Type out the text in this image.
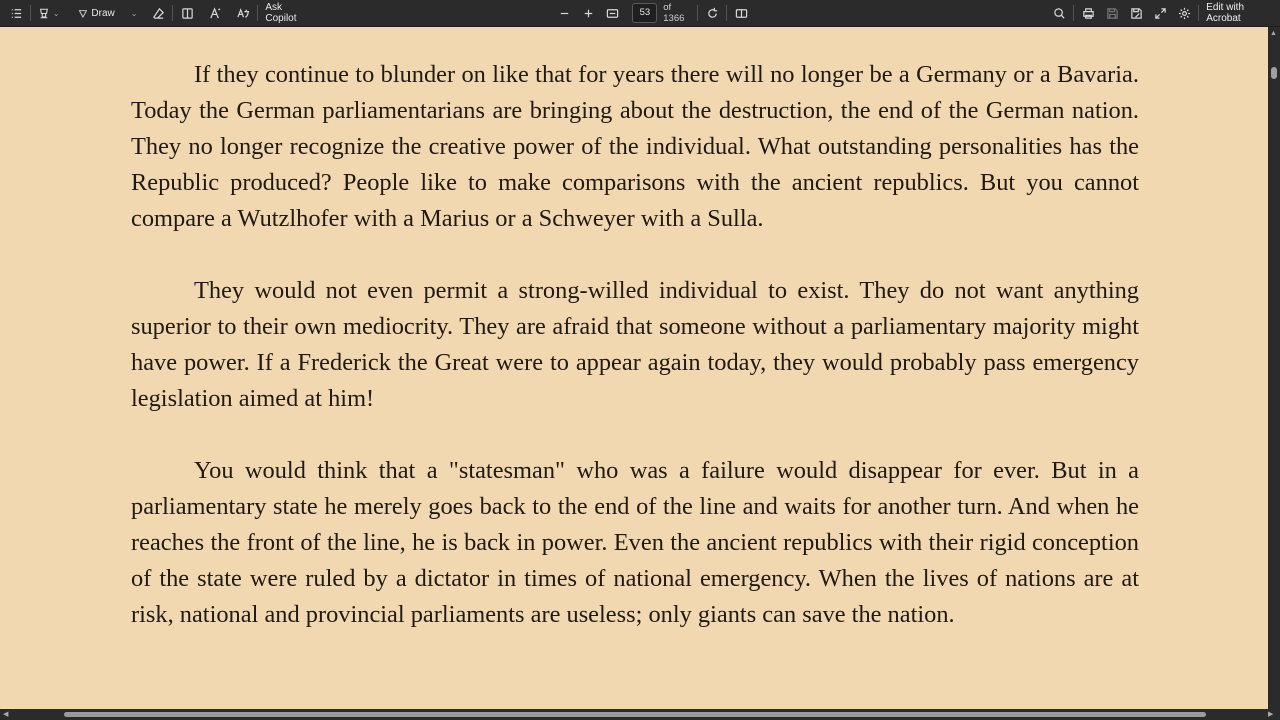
⌄	Draw ⌄	Ask Copilot
53	of 1366
Edit with Acrobat

If they continue to blunder on like that for years there will no longer be a Germany or a Bavaria. Today the German parliamentarians are bringing about the destruction, the end of the German nation. They no longer recognize the creative power of the individual. What outstanding personalities has the Republic produced? People like to make comparisons with the ancient republics. But you cannot compare a Wutzlhofer with a Marius or a Schweyer with a Sulla.

They would not even permit a strong-willed individual to exist. They do not want anything superior to their own mediocrity. They are afraid that someone without a parliamentary majority might have power. If a Frederick the Great were to appear again today, they would probably pass emergency legislation aimed at him!

You would think that a "statesman" who was a failure would disappear for ever. But in a parliamentary state he merely goes back to the end of the line and waits for another turn. And when he reaches the front of the line, he is back in power. Even the ancient republics with their rigid conception of the state were ruled by a dictator in times of national emergency. When the lives of nations are at risk, national and provincial parliaments are useless; only giants can save the nation.

▲
◀	▶
